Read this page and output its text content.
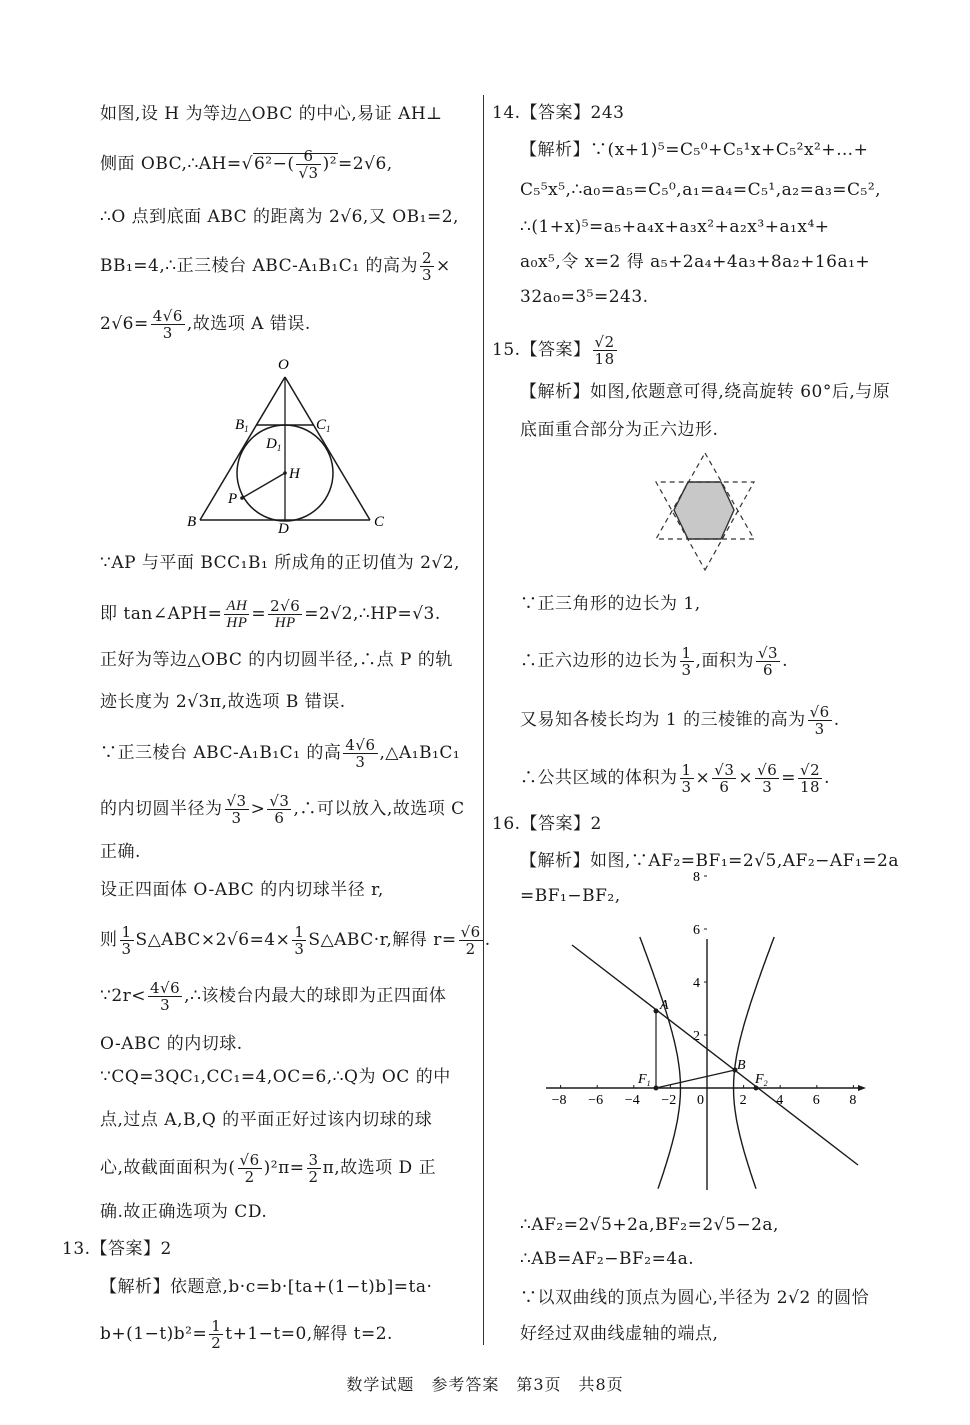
如图,设 H 为等边△OBC 的中心,易证 AH⊥
侧面 OBC,∴AH=√6²−( $\frac{6}{√3} )^2=2√6$,
∴O 点到底面 ABC 的距离为 2√6,又 OB₁=2,
BB₁=4,∴正三棱台 ABC-A₁B₁C₁ 的高为 $\frac{2}{3}$ ×
$2√6= \frac{4√6}{3}$ ,故选项 A 错误.
O
$B_1$	$C_1$
$D_1$
H
P
B	D	C
∵AP 与平面 BCC₁B₁ 所成角的正切值为 2√2,
即 tan∠APH= $\frac{AH}{HP} = \frac{2√6}{HP}$ =2√2,∴HP=√3.
正好为等边△OBC 的内切圆半径,∴点 P 的轨
迹长度为 2√3π,故选项 B 错误.
∵正三棱台 ABC-A₁B₁C₁ 的高 $\frac{4√6}{3}$ ,△A₁B₁C₁
的内切圆半径为 $\frac{√3}{3} > \frac{√3}{6}$ ,∴可以放入,故选项 C
正确.
设正四面体 O-ABC 的内切球半径 r,
则 $\frac{1}{3}$ S△ABC×2√6=4× $\frac{1}{3}$ S△ABC·r,解得 $r= \frac{√6}{2}$ .
∵2r< $\frac{4√6}{3}$ ,∴该棱台内最大的球即为正四面体
O-ABC 的内切球.
∵CQ=3QC₁,CC₁=4,OC=6,∴Q为 OC 的中
点,过点 A,B,Q 的平面正好过该内切球的球
心,故截面面积为( $\frac{√6}{2} )^2\pi= \frac{3}{2} \pi$,故选项 D 正
确.故正确选项为 CD.
13.【答案】2
【解析】依题意,b·c=b·[ta+(1−t)b]=ta·
$b+(1-t)b^2= \frac{1}{2} t+1-t=0$,解得 t=2.
14.【答案】243
【解析】∵(x+1)⁵=C₅⁰+C₅¹x+C₅²x²+…+
C₅⁵x⁵,∴a₀=a₅=C₅⁰,a₁=a₄=C₅¹,a₂=a₃=C₅²,
∴(1+x)⁵=a₅+a₄x+a₃x²+a₂x³+a₁x⁴+
a₀x⁵,令 x=2 得 a₅+2a₄+4a₃+8a₂+16a₁+
32a₀=3⁵=243.
15.【答案】 $\frac{√2}{18}$
【解析】如图,依题意可得,绕高旋转 60°后,与原
底面重合部分为正六边形.
∵正三角形的边长为 1,
∴正六边形的边长为 $\frac{1}{3}$ ,面积为 $\frac{√3}{6}$ .
又易知各棱长均为 1 的三棱锥的高为 $\frac{√6}{3}$ .
∴公共区域的体积为 $\frac{1}{3} \times \frac{√3}{6} \times \frac{√6}{3} = \frac{√2}{18}$ .
16.【答案】2
【解析】如图,∵AF₂=BF₁=2√5,AF₂−AF₁=2a
=BF₁−BF₂,
−8 −6 −4 −2 0	2 4 6 8
2
4
6
8
A
B
$F_1$	$F_2$
∴AF₂=2√5+2a,BF₂=2√5−2a,
∴AB=AF₂−BF₂=4a.
∵以双曲线的顶点为圆心,半径为 2√2 的圆恰
好经过双曲线虚轴的端点,
数学试题　参考答案　第3页　共8页
